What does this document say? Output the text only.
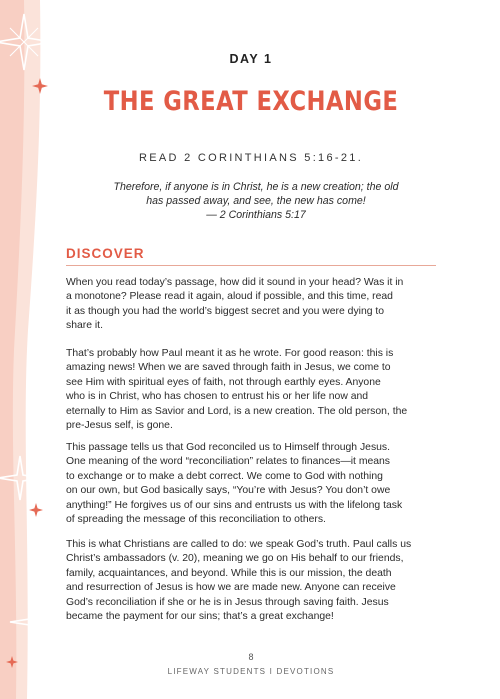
DAY 1
THE GREAT EXCHANGE
READ 2 CORINTHIANS 5:16-21.
Therefore, if anyone is in Christ, he is a new creation; the old
has passed away, and see, the new has come!
— 2 Corinthians 5:17
DISCOVER
When you read today’s passage, how did it sound in your head? Was it in
a monotone? Please read it again, aloud if possible, and this time, read
it as though you had the world’s biggest secret and you were dying to
share it.
That’s probably how Paul meant it as he wrote. For good reason: this is
amazing news! When we are saved through faith in Jesus, we come to
see Him with spiritual eyes of faith, not through earthly eyes. Anyone
who is in Christ, who has chosen to entrust his or her life now and
eternally to Him as Savior and Lord, is a new creation. The old person, the
pre-Jesus self, is gone.
This passage tells us that God reconciled us to Himself through Jesus.
One meaning of the word “reconciliation” relates to finances—it means
to exchange or to make a debt correct. We come to God with nothing
on our own, but God basically says, “You’re with Jesus? You don’t owe
anything!” He forgives us of our sins and entrusts us with the lifelong task
of spreading the message of this reconciliation to others.
This is what Christians are called to do: we speak God’s truth. Paul calls us
Christ’s ambassadors (v. 20), meaning we go on His behalf to our friends,
family, acquaintances, and beyond. While this is our mission, the death
and resurrection of Jesus is how we are made new. Anyone can receive
God’s reconciliation if she or he is in Jesus through saving faith. Jesus
became the payment for our sins; that’s a great exchange!
8
LIFEWAY STUDENTS I DEVOTIONS
